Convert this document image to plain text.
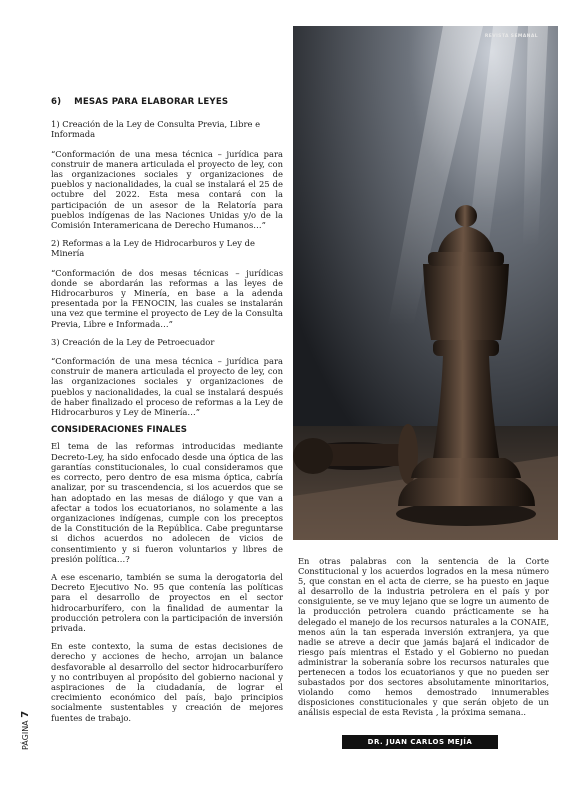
6)    MESAS PARA ELABORAR LEYES

1) Creación de la Ley de Consulta Previa, Libre e Informada

“Conformación de una mesa técnica – jurídica para construir de manera articulada el proyecto de ley, con las organizaciones sociales y organizaciones de pueblos y nacionalidades, la cual se instalará el 25 de octubre del 2022. Esta mesa contará con la participación de un asesor de la Relatoría para pueblos indígenas de las Naciones Unidas y/o de la Comisión Interamericana de Derecho Humanos…”

2) Reformas a la Ley de Hidrocarburos y Ley de Minería

“Conformación de dos mesas técnicas – jurídicas donde se abordarán las reformas a las leyes de Hidrocarburos y Minería, en base a la adenda presentada por la FENOCIN, las cuales se instalarán una vez que termine el proyecto de Ley de la Consulta Previa, Libre e Informada…”

3) Creación de la Ley de Petroecuador

“Conformación de una mesa técnica – jurídica para construir de manera articulada el proyecto de ley, con las organizaciones sociales y organizaciones de pueblos y nacionalidades, la cual se instalará después de haber finalizado el proceso de reformas a la Ley de Hidrocarburos y Ley de Minería…”

CONSIDERACIONES FINALES

El tema de las reformas introducidas mediante Decreto-Ley, ha sido enfocado desde una óptica de las garantías constitucionales, lo cual consideramos que es correcto, pero dentro de esa misma óptica, cabría analizar, por su trascendencia, si los acuerdos que se han adoptado en las mesas de diálogo y que van a afectar a todos los ecuatorianos, no solamente a las organizaciones indígenas, cumple con los preceptos de la Constitución de la República. Cabe preguntarse si dichos acuerdos no adolecen de vicios de consentimiento y si fueron voluntarios y libres de presión política…?

A ese escenario, también se suma la derogatoria del Decreto Ejecutivo No. 95 que contenía las políticas para el desarrollo de proyectos en el sector hidrocarburífero, con la finalidad de aumentar la producción petrolera con la participación de inversión privada.

En este contexto, la suma de estas decisiones de derecho y acciones de hecho, arrojan un balance desfavorable al desarrollo del sector hidrocarburífero y no contribuyen al propósito del gobierno nacional y aspiraciones de la ciudadanía, de lograr el crecimiento económico del país, bajo principios socialmente sustentables y creación de mejores fuentes de trabajo.

REVISTA SEMANAL
En otras palabras con la sentencia de la Corte Constitucional y los acuerdos logrados en la mesa número 5, que constan en el acta de cierre, se ha puesto en jaque al desarrollo de la industria petrolera en el país y por consiguiente, se ve muy lejano que se logre un aumento de la producción petrolera cuando prácticamente se ha delegado el manejo de los recursos naturales a la CONAIE, menos aún la tan esperada inversión extranjera, ya que nadie se atreve a decir que jamás bajará el indicador de riesgo país mientras el Estado y el Gobierno no puedan administrar la soberanía sobre los recursos naturales que pertenecen a todos los ecuatorianos y que no pueden ser subastados por dos sectores absolutamente minoritarios, violando como hemos demostrado innumerables disposiciones constitucionales y que serán objeto de un análisis especial de esta Revista , la próxima semana..
DR. JUAN CARLOS MEJÍA
PÁGINA 7
